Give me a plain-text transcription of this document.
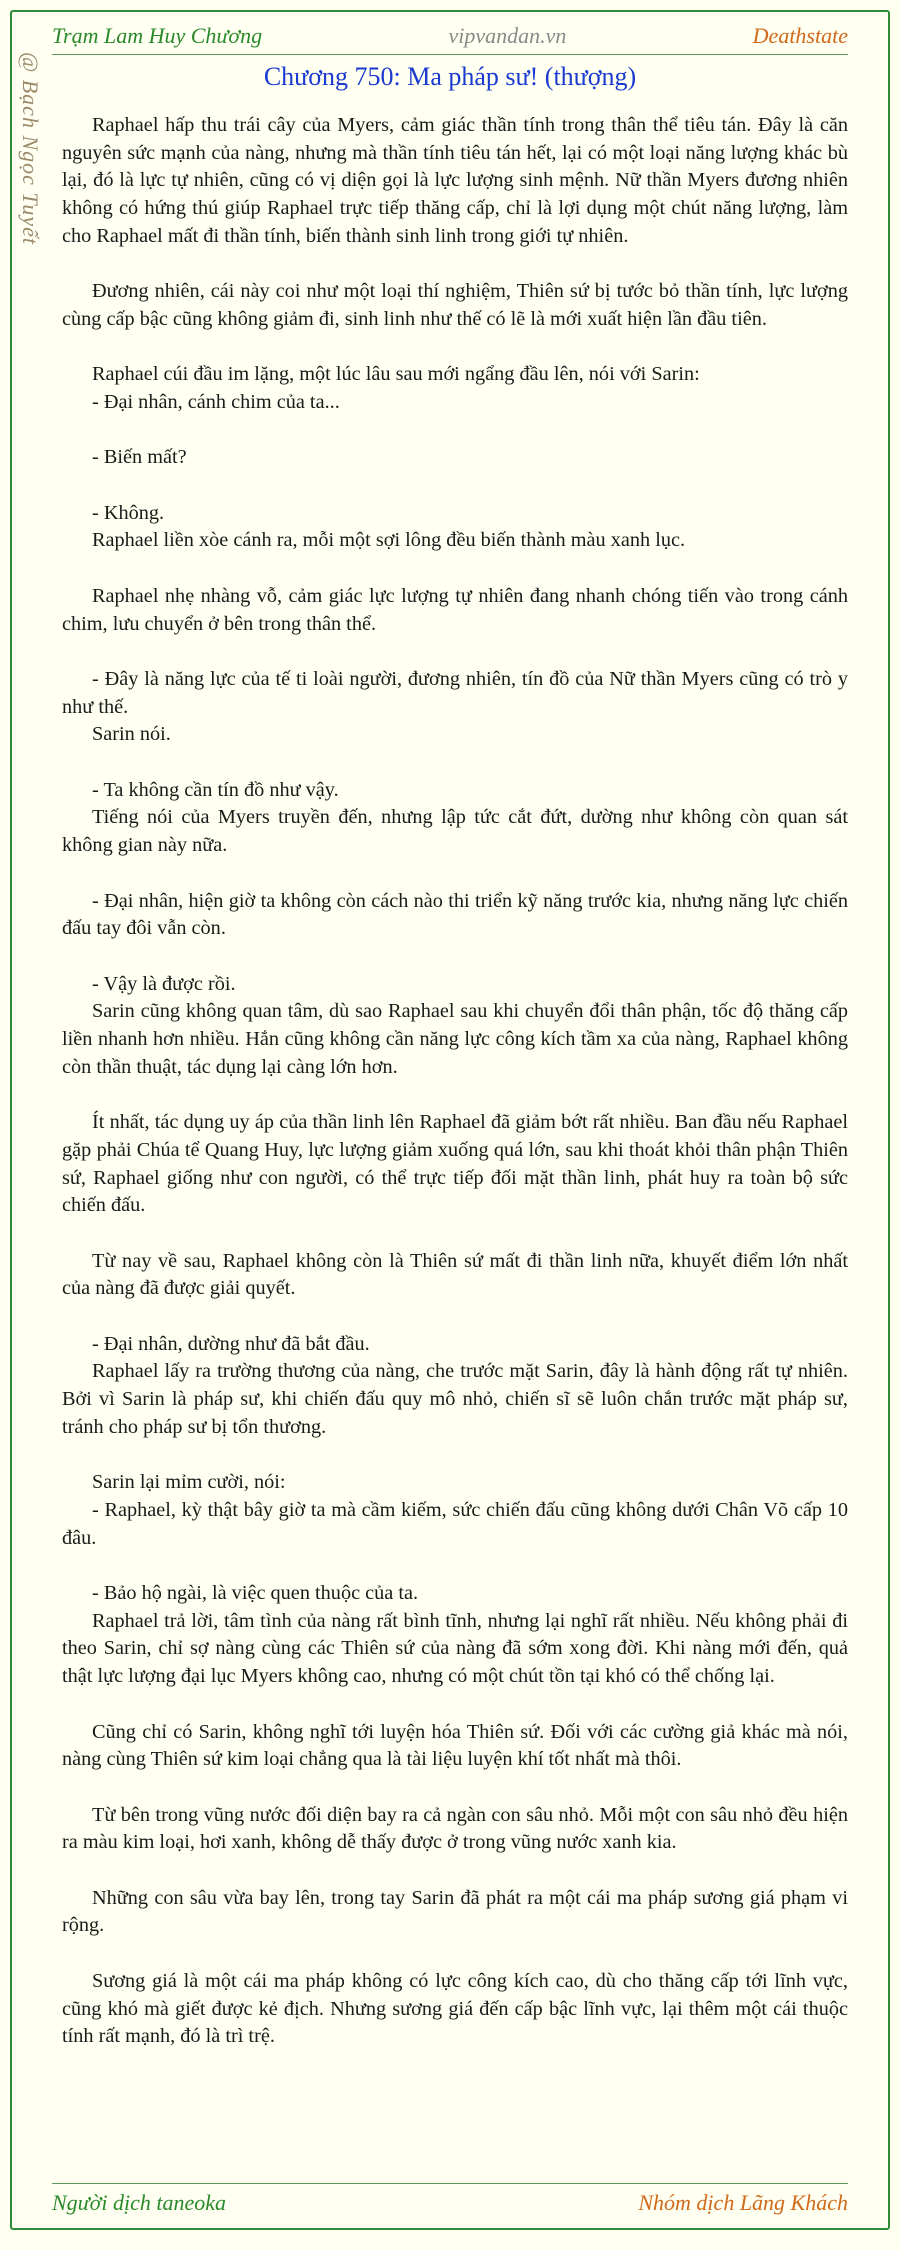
@ Bạch Ngọc Tuyết
Trạm Lam Huy Chương	vipvandan.vn	Deathstate
Chương 750: Ma pháp sư! (thượng)

Raphael hấp thu trái cây của Myers, cảm giác thần tính trong thân thể tiêu tán. Đây là căn nguyên sức mạnh của nàng, nhưng mà thần tính tiêu tán hết, lại có một loại năng lượng khác bù lại, đó là lực tự nhiên, cũng có vị diện gọi là lực lượng sinh mệnh. Nữ thần Myers đương nhiên không có hứng thú giúp Raphael trực tiếp thăng cấp, chỉ là lợi dụng một chút năng lượng, làm cho Raphael mất đi thần tính, biến thành sinh linh trong giới tự nhiên.

Đương nhiên, cái này coi như một loại thí nghiệm, Thiên sứ bị tước bỏ thần tính, lực lượng cùng cấp bậc cũng không giảm đi, sinh linh như thế có lẽ là mới xuất hiện lần đầu tiên.

Raphael cúi đầu im lặng, một lúc lâu sau mới ngẩng đầu lên, nói với Sarin:

- Đại nhân, cánh chim của ta...

- Biến mất?

- Không.

Raphael liền xòe cánh ra, mỗi một sợi lông đều biến thành màu xanh lục.

Raphael nhẹ nhàng vỗ, cảm giác lực lượng tự nhiên đang nhanh chóng tiến vào trong cánh chim, lưu chuyển ở bên trong thân thể.

- Đây là năng lực của tế ti loài người, đương nhiên, tín đồ của Nữ thần Myers cũng có trò y như thế.

Sarin nói.

- Ta không cần tín đồ như vậy.

Tiếng nói của Myers truyền đến, nhưng lập tức cắt đứt, dường như không còn quan sát không gian này nữa.

- Đại nhân, hiện giờ ta không còn cách nào thi triển kỹ năng trước kia, nhưng năng lực chiến đấu tay đôi vẫn còn.

- Vậy là được rồi.

Sarin cũng không quan tâm, dù sao Raphael sau khi chuyển đổi thân phận, tốc độ thăng cấp liền nhanh hơn nhiều. Hắn cũng không cần năng lực công kích tầm xa của nàng, Raphael không còn thần thuật, tác dụng lại càng lớn hơn.

Ít nhất, tác dụng uy áp của thần linh lên Raphael đã giảm bớt rất nhiều. Ban đầu nếu Raphael gặp phải Chúa tể Quang Huy, lực lượng giảm xuống quá lớn, sau khi thoát khỏi thân phận Thiên sứ, Raphael giống như con người, có thể trực tiếp đối mặt thần linh, phát huy ra toàn bộ sức chiến đấu.

Từ nay về sau, Raphael không còn là Thiên sứ mất đi thần linh nữa, khuyết điểm lớn nhất của nàng đã được giải quyết.

- Đại nhân, dường như đã bắt đầu.

Raphael lấy ra trường thương của nàng, che trước mặt Sarin, đây là hành động rất tự nhiên. Bởi vì Sarin là pháp sư, khi chiến đấu quy mô nhỏ, chiến sĩ sẽ luôn chắn trước mặt pháp sư, tránh cho pháp sư bị tổn thương.

Sarin lại mỉm cười, nói:

- Raphael, kỳ thật bây giờ ta mà cầm kiếm, sức chiến đấu cũng không dưới Chân Võ cấp 10 đâu.

- Bảo hộ ngài, là việc quen thuộc của ta.

Raphael trả lời, tâm tình của nàng rất bình tĩnh, nhưng lại nghĩ rất nhiều. Nếu không phải đi theo Sarin, chỉ sợ nàng cùng các Thiên sứ của nàng đã sớm xong đời. Khi nàng mới đến, quả thật lực lượng đại lục Myers không cao, nhưng có một chút tồn tại khó có thể chống lại.

Cũng chỉ có Sarin, không nghĩ tới luyện hóa Thiên sứ. Đối với các cường giả khác mà nói, nàng cùng Thiên sứ kim loại chẳng qua là tài liệu luyện khí tốt nhất mà thôi.

Từ bên trong vũng nước đối diện bay ra cả ngàn con sâu nhỏ. Mỗi một con sâu nhỏ đều hiện ra màu kim loại, hơi xanh, không dễ thấy được ở trong vũng nước xanh kia.

Những con sâu vừa bay lên, trong tay Sarin đã phát ra một cái ma pháp sương giá phạm vi rộng.

Sương giá là một cái ma pháp không có lực công kích cao, dù cho thăng cấp tới lĩnh vực, cũng khó mà giết được kẻ địch. Nhưng sương giá đến cấp bậc lĩnh vực, lại thêm một cái thuộc tính rất mạnh, đó là trì trệ.

Người dịch taneoka	Nhóm dịch Lãng Khách
